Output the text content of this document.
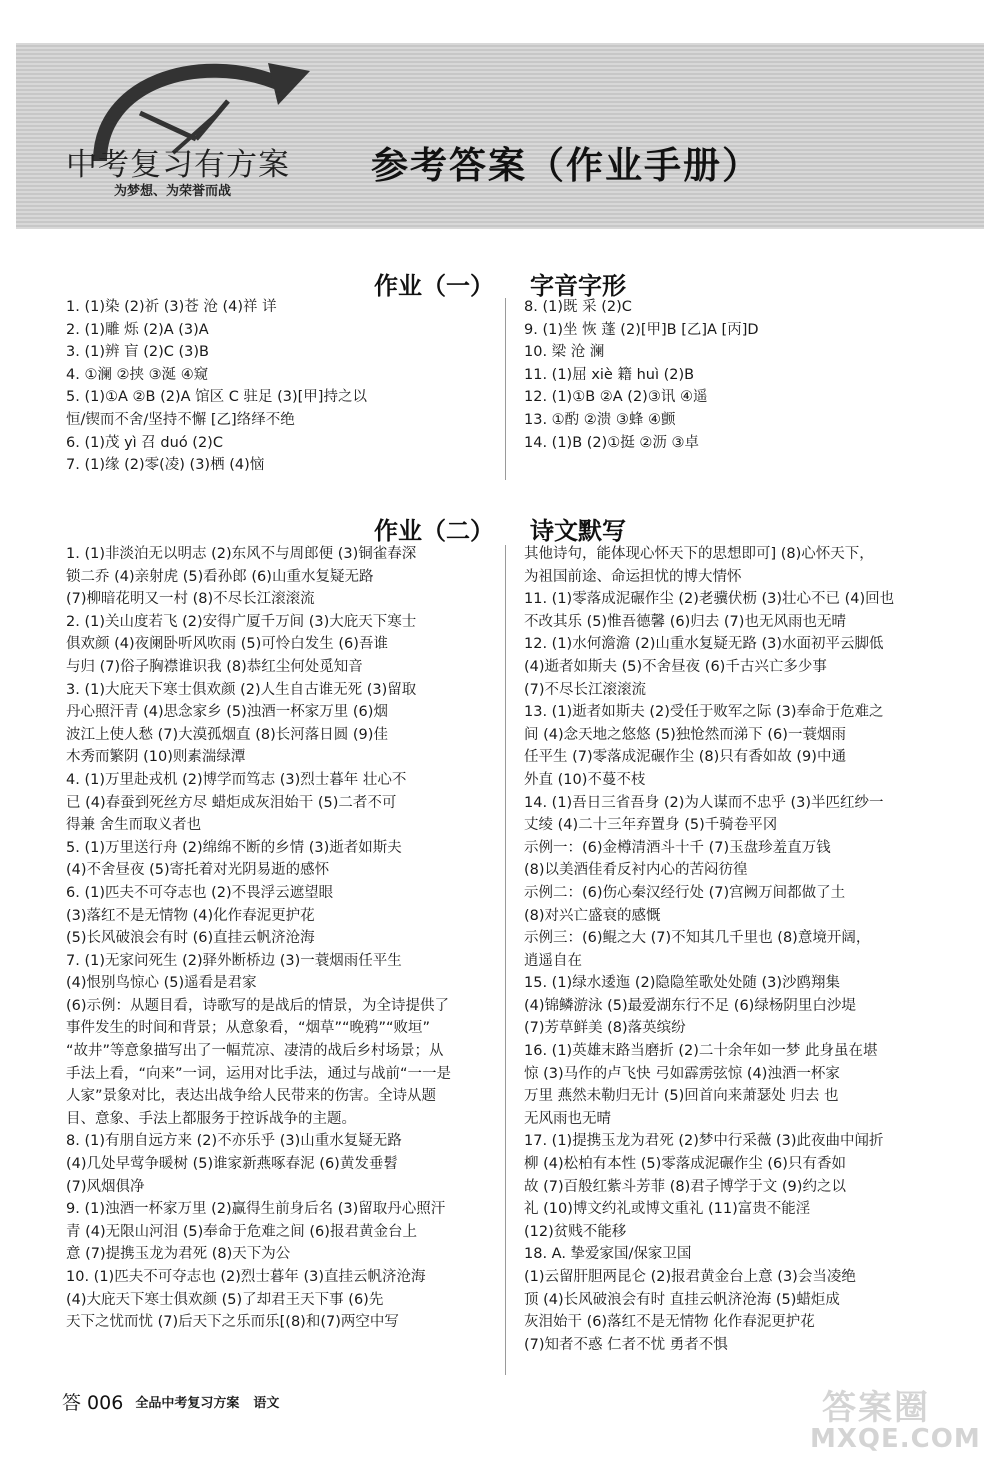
中考复习有方案
为梦想、为荣誉而战
参考答案（作业手册）
作业（一） 字音字形
1. (1)染 (2)祈 (3)苍 沧 (4)祥 详
2. (1)雕 烁 (2)A (3)A
3. (1)辨 盲 (2)C (3)B
4. ①澜 ②挟 ③涎 ④窥
5. (1)①A ②B (2)A 馆区 C 驻足 (3)[甲]持之以
恒/锲而不舍/坚持不懈 [乙]络绎不绝
6. (1)茂 yì 召 duó (2)C
7. (1)缘 (2)零(凌) (3)栖 (4)恼
8. (1)既 采 (2)C
9. (1)坐 恢 蓬 (2)[甲]B [乙]A [丙]D
10. 梁 沧 澜
11. (1)屈 xiè 籍 huì (2)B
12. (1)①B ②A (2)③讯 ④遥
13. ①酌 ②溃 ③蜂 ④颤
14. (1)B (2)①挺 ②沥 ③卓
作业（二） 诗文默写
1. (1)非淡泊无以明志 (2)东风不与周郎便 (3)铜雀春深
锁二乔 (4)亲射虎 (5)看孙郎 (6)山重水复疑无路
(7)柳暗花明又一村 (8)不尽长江滚滚流
2. (1)关山度若飞 (2)安得广厦千万间 (3)大庇天下寒士
俱欢颜 (4)夜阑卧听风吹雨 (5)可怜白发生 (6)吾谁
与归 (7)俗子胸襟谁识我 (8)恭红尘何处觅知音
3. (1)大庇天下寒士俱欢颜 (2)人生自古谁无死 (3)留取
丹心照汗青 (4)思念家乡 (5)浊酒一杯家万里 (6)烟
波江上使人愁 (7)大漠孤烟直 (8)长河落日圆 (9)佳
木秀而繁阴 (10)则素湍绿潭
4. (1)万里赴戎机 (2)博学而笃志 (3)烈士暮年 壮心不
已 (4)春蚕到死丝方尽 蜡炬成灰泪始干 (5)二者不可
得兼 舍生而取义者也
5. (1)万里送行舟 (2)绵绵不断的乡情 (3)逝者如斯夫
(4)不舍昼夜 (5)寄托着对光阴易逝的感怀
6. (1)匹夫不可夺志也 (2)不畏浮云遮望眼
(3)落红不是无情物 (4)化作春泥更护花
(5)长风破浪会有时 (6)直挂云帆济沧海
7. (1)无家问死生 (2)驿外断桥边 (3)一蓑烟雨任平生
(4)恨别鸟惊心 (5)遥看是君家
(6)示例：从题目看，诗歌写的是战后的情景，为全诗提供了
事件发生的时间和背景；从意象看，“烟草”“晚鸦”“败垣”
“故井”等意象描写出了一幅荒凉、凄清的战后乡村场景；从
手法上看，“向来”一词，运用对比手法，通过与战前“一一是
人家”景象对比，表达出战争给人民带来的伤害。全诗从题
目、意象、手法上都服务于控诉战争的主题。
8. (1)有朋自远方来 (2)不亦乐乎 (3)山重水复疑无路
(4)几处早莺争暖树 (5)谁家新燕啄春泥 (6)黄发垂髫
(7)风烟俱净
9. (1)浊酒一杯家万里 (2)赢得生前身后名 (3)留取丹心照汗
青 (4)无限山河泪 (5)奉命于危难之间 (6)报君黄金台上
意 (7)提携玉龙为君死 (8)天下为公
10. (1)匹夫不可夺志也 (2)烈士暮年 (3)直挂云帆济沧海
(4)大庇天下寒士俱欢颜 (5)了却君王天下事 (6)先
天下之忧而忧 (7)后天下之乐而乐[(8)和(7)两空中写
其他诗句，能体现心怀天下的思想即可] (8)心怀天下，
为祖国前途、命运担忧的博大情怀
11. (1)零落成泥碾作尘 (2)老骥伏枥 (3)壮心不已 (4)回也
不改其乐 (5)惟吾德馨 (6)归去 (7)也无风雨也无晴
12. (1)水何澹澹 (2)山重水复疑无路 (3)水面初平云脚低
(4)逝者如斯夫 (5)不舍昼夜 (6)千古兴亡多少事
(7)不尽长江滚滚流
13. (1)逝者如斯夫 (2)受任于败军之际 (3)奉命于危难之
间 (4)念天地之悠悠 (5)独怆然而涕下 (6)一蓑烟雨
任平生 (7)零落成泥碾作尘 (8)只有香如故 (9)中通
外直 (10)不蔓不枝
14. (1)吾日三省吾身 (2)为人谋而不忠乎 (3)半匹红纱一
丈绫 (4)二十三年弃置身 (5)千骑卷平冈
示例一：(6)金樽清酒斗十千 (7)玉盘珍羞直万钱
(8)以美酒佳肴反衬内心的苦闷彷徨
示例二：(6)伤心秦汉经行处 (7)宫阙万间都做了土
(8)对兴亡盛衰的感慨
示例三：(6)鲲之大 (7)不知其几千里也 (8)意境开阔，
逍遥自在
15. (1)绿水逶迤 (2)隐隐笙歌处处随 (3)沙鸥翔集
(4)锦鳞游泳 (5)最爱湖东行不足 (6)绿杨阴里白沙堤
(7)芳草鲜美 (8)落英缤纷
16. (1)英雄末路当磨折 (2)二十余年如一梦 此身虽在堪
惊 (3)马作的卢飞快 弓如霹雳弦惊 (4)浊酒一杯家
万里 燕然未勒归无计 (5)回首向来萧瑟处 归去 也
无风雨也无晴
17. (1)提携玉龙为君死 (2)梦中行采薇 (3)此夜曲中闻折
柳 (4)松柏有本性 (5)零落成泥碾作尘 (6)只有香如
故 (7)百般红紫斗芳菲 (8)君子博学于文 (9)约之以
礼 (10)博文约礼或博文重礼 (11)富贵不能淫
(12)贫贱不能移
18. A. 挚爱家国/保家卫国
(1)云留肝胆两昆仑 (2)报君黄金台上意 (3)会当凌绝
顶 (4)长风破浪会有时 直挂云帆济沧海 (5)蜡炬成
灰泪始干 (6)落红不是无情物 化作春泥更护花
(7)知者不惑 仁者不忧 勇者不惧
答 006 全品中考复习方案 语文	答案圈
MXQE.COM
